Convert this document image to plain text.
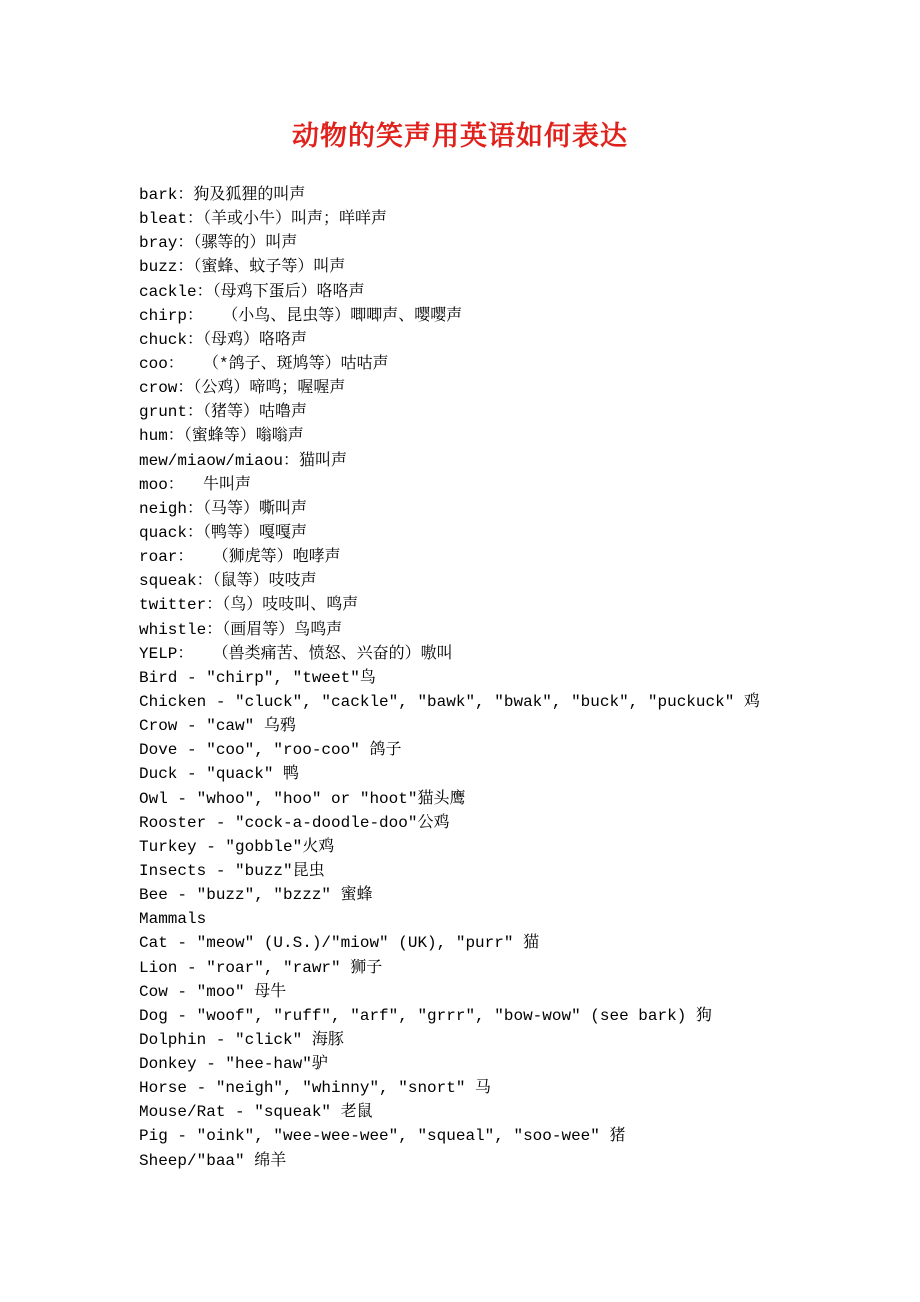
动物的笑声用英语如何表达
bark：狗及狐狸的叫声
bleat：（羊或小牛）叫声；咩咩声
bray：（骡等的）叫声
buzz：（蜜蜂、蚊子等）叫声
cackle：（母鸡下蛋后）咯咯声
chirp：  （小鸟、昆虫等）唧唧声、嘤嘤声
chuck：（母鸡）咯咯声
coo：  （*鸽子、斑鸠等）咕咕声
crow：（公鸡）啼鸣；喔喔声
grunt：（猪等）咕噜声
hum：（蜜蜂等）嗡嗡声
mew/miaow/miaou：猫叫声
moo：  牛叫声
neigh：（马等）嘶叫声
quack：（鸭等）嘎嘎声
roar：  （狮虎等）咆哮声
squeak：（鼠等）吱吱声
twitter：（鸟）吱吱叫、鸣声
whistle：（画眉等）鸟鸣声
YELP：  （兽类痛苦、愤怒、兴奋的）嗷叫
Bird - "chirp", "tweet"鸟
Chicken - "cluck", "cackle", "bawk", "bwak", "buck", "puckuck" 鸡
Crow - "caw" 乌鸦
Dove - "coo", "roo-coo" 鸽子
Duck - "quack" 鸭
Owl - "whoo", "hoo" or "hoot"猫头鹰
Rooster - "cock-a-doodle-doo"公鸡
Turkey - "gobble"火鸡
Insects - "buzz"昆虫
Bee - "buzz", "bzzz" 蜜蜂
Mammals
Cat - "meow" (U.S.)/"miow" (UK), "purr" 猫
Lion - "roar", "rawr" 狮子
Cow - "moo" 母牛
Dog - "woof", "ruff", "arf", "grrr", "bow-wow" (see bark) 狗
Dolphin - "click" 海豚
Donkey - "hee-haw"驴
Horse - "neigh", "whinny", "snort" 马
Mouse/Rat - "squeak" 老鼠
Pig - "oink", "wee-wee-wee", "squeal", "soo-wee" 猪
Sheep/"baa" 绵羊
